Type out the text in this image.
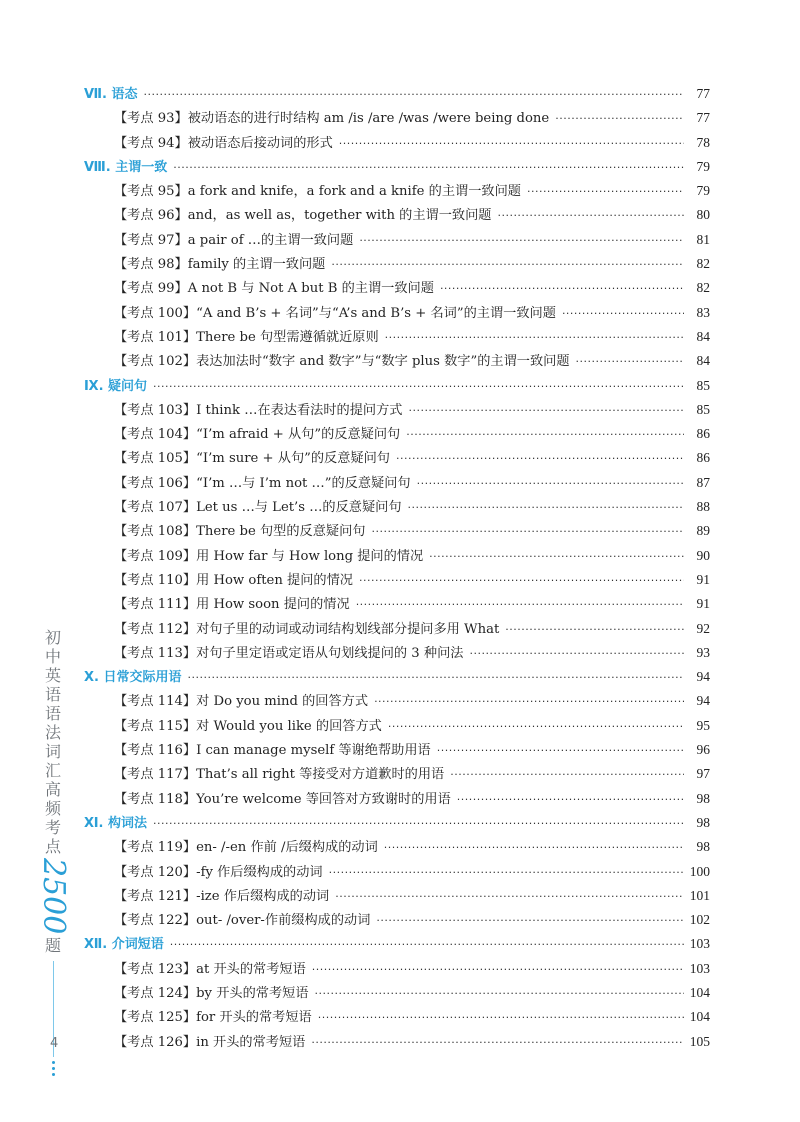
Ⅶ. 语态 ·····	77
【考点 93】被动语态的进行时结构 am /is /are /was /were being done ·····	77
【考点 94】被动语态后接动词的形式 ·····	78
Ⅷ. 主谓一致 ·····	79
【考点 95】a fork and knife，a fork and a knife 的主谓一致问题 ·····	79
【考点 96】and，as well as，together with 的主谓一致问题 ·····	80
【考点 97】a pair of …的主谓一致问题 ·····	81
【考点 98】family 的主谓一致问题 ·····	82
【考点 99】A not B 与 Not A but B 的主谓一致问题 ·····	82
【考点 100】“A and B’s + 名词”与“A’s and B’s + 名词”的主谓一致问题 ·····	83
【考点 101】There be 句型需遵循就近原则 ·····	84
【考点 102】表达加法时“数字 and 数字”与“数字 plus 数字”的主谓一致问题 ·····	84
Ⅸ. 疑问句 ·····	85
【考点 103】I think …在表达看法时的提问方式 ·····	85
【考点 104】“I’m afraid + 从句”的反意疑问句 ·····	86
【考点 105】“I’m sure + 从句”的反意疑问句 ·····	86
【考点 106】“I’m …与 I’m not …”的反意疑问句 ·····	87
【考点 107】Let us …与 Let’s …的反意疑问句 ·····	88
【考点 108】There be 句型的反意疑问句 ·····	89
【考点 109】用 How far 与 How long 提问的情况 ·····	90
【考点 110】用 How often 提问的情况 ·····	91
【考点 111】用 How soon 提问的情况 ·····	91
【考点 112】对句子里的动词或动词结构划线部分提问多用 What ·····	92
【考点 113】对句子里定语或定语从句划线提问的 3 种问法 ·····	93
Ⅹ. 日常交际用语 ·····	94
【考点 114】对 Do you mind 的回答方式 ·····	94
【考点 115】对 Would you like 的回答方式 ·····	95
【考点 116】I can manage myself 等谢绝帮助用语 ·····	96
【考点 117】That’s all right 等接受对方道歉时的用语 ·····	97
【考点 118】You’re welcome 等回答对方致谢时的用语 ·····	98
Ⅺ. 构词法 ·····	98
【考点 119】en- /-en 作前 /后缀构成的动词 ·····	98
【考点 120】-fy 作后缀构成的动词 ·····	100
【考点 121】-ize 作后缀构成的动词 ·····	101
【考点 122】out- /over-作前缀构成的动词 ·····	102
Ⅻ. 介词短语 ·····	103
【考点 123】at 开头的常考短语 ·····	103
【考点 124】by 开头的常考短语 ·····	104
【考点 125】for 开头的常考短语 ·····	104
【考点 126】in 开头的常考短语 ·····	105
初
中
英
语
语
法
词
汇
高
频
考
点
2500
题
4
